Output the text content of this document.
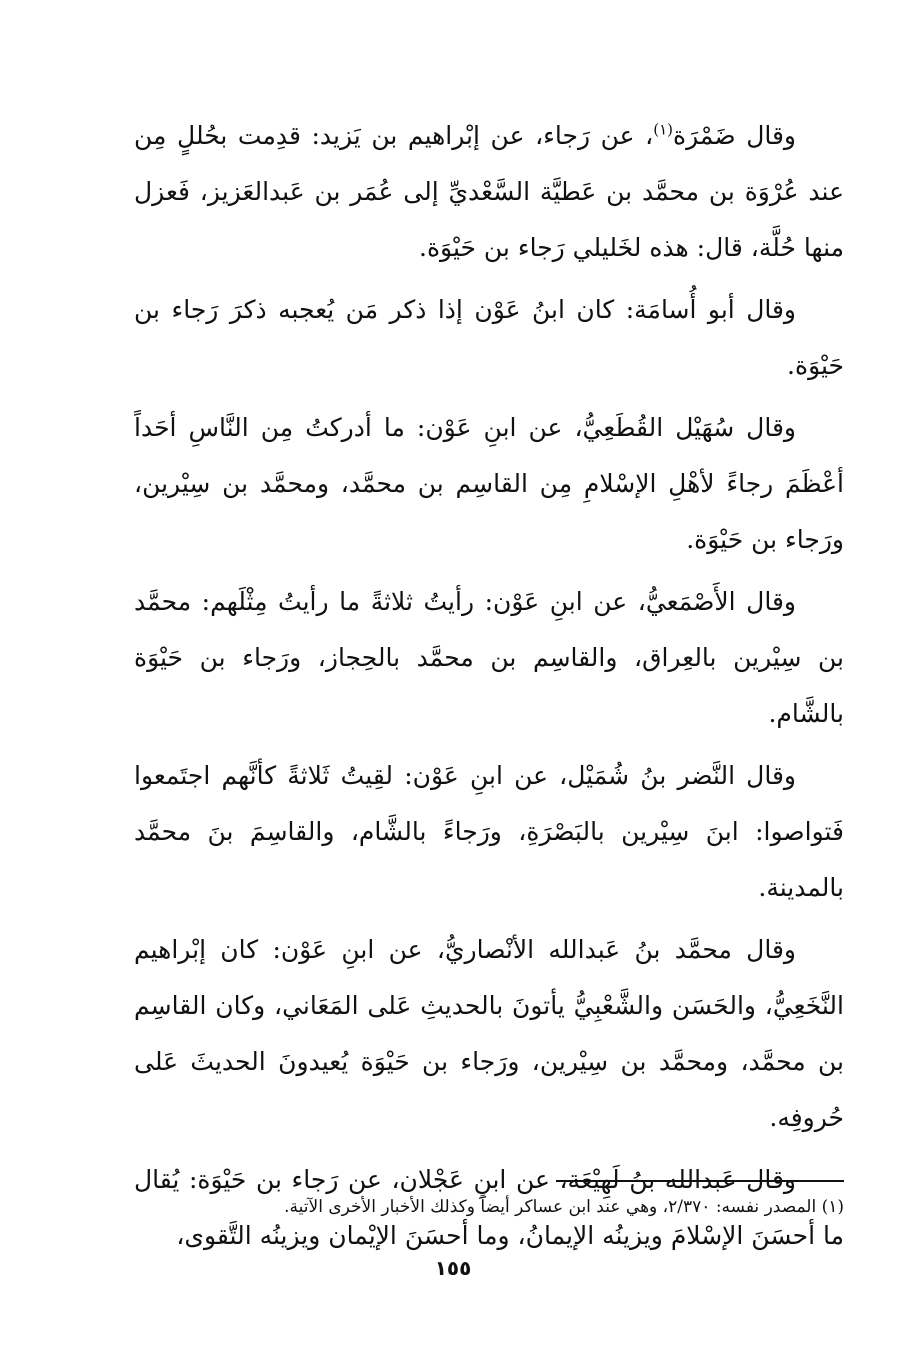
وقال ضَمْرَة$^{(١)}$، عن رَجاء، عن إبْراهيم بن يَزيد: قدِمت بحُللٍ مِن عند عُرْوَة بن محمَّد بن عَطيَّة السَّعْديِّ إلى عُمَر بن عَبدالعَزيز، فَعزل منها حُلَّة، قال: هذه لخَليلي رَجاء بن حَيْوَة.

وقال أبو أُسامَة: كان ابنُ عَوْن إذا ذكر مَن يُعجبه ذكرَ رَجاء بن حَيْوَة.

وقال سُهَيْل القُطَعِيُّ، عن ابنِ عَوْن: ما أدركتُ مِن النَّاسِ أحَداً أعْظَمَ رجاءً لأهْلِ الإسْلامِ مِن القاسِم بن محمَّد، ومحمَّد بن سِيْرين، ورَجاء بن حَيْوَة.

وقال الأَصْمَعيُّ، عن ابنِ عَوْن: رأيتُ ثلاثةً ما رأيتُ مِثْلَهم: محمَّد بن سِيْرين بالعِراق، والقاسِم بن محمَّد بالحِجاز، ورَجاء بن حَيْوَة بالشَّام.

وقال النَّضر بنُ شُمَيْل، عن ابنِ عَوْن: لقِيتُ ثَلاثةً كأنَّهم اجتَمعوا فَتواصوا: ابنَ سِيْرين بالبَصْرَةِ، ورَجاءً بالشَّام، والقاسِمَ بنَ محمَّد بالمدينة.

وقال محمَّد بنُ عَبدالله الأنْصاريُّ، عن ابنِ عَوْن: كان إبْراهيم النَّخَعِيُّ، والحَسَن والشَّعْبِيُّ يأتونَ بالحديثِ عَلى المَعَاني، وكان القاسِم بن محمَّد، ومحمَّد بن سِيْرين، ورَجاء بن حَيْوَة يُعيدونَ الحديثَ عَلى حُروفِه.

وقال عَبدالله بنُ لَهِيْعَة، عن ابنِ عَجْلان، عن رَجاء بن حَيْوَة: يُقال ما أحسَنَ الإسْلامَ ويزينُه الإيمانُ، وما أحسَنَ الإيْمان ويزينُه التَّقوى،

(١) المصدر نفسه: ٢/٣٧٠، وهي عند ابن عساكر أيضاً وكذلك الأخبار الأخرى الآتية.
١٥٥
